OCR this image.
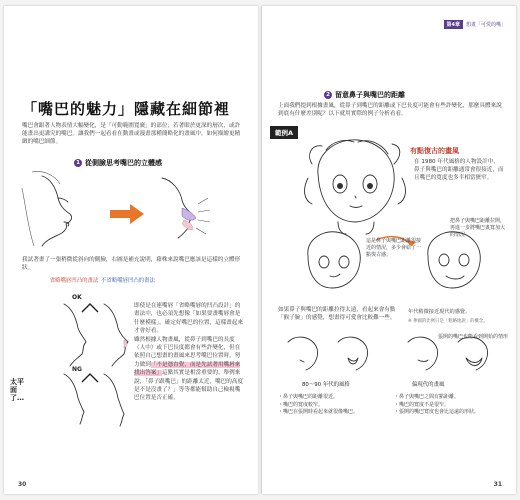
「嘴巴的魅力」隱藏在細節裡
嘴巴會跟著人物表情大幅變化，是「可動範圍寬廣」的部位；若著眼於更深的層次，或許能畫出更講究的嘴巴。讓我們一起看看在動畫或漫畫那種簡略化的畫風中，如何描繪更精緻的嘴巴細節。
1 從側臉思考嘴巴的立體感
我試著畫了一張稍微從斜向的側臉，右圖是補充說明，藉株來說嘴巴應該是這樣的立體形狀。
省略嘴唇凹凸的畫法 不省略嘴唇凹凸的畫法
OK
NG
太平面了…
即使是在連嘴唇「省略嘴唇的凹凸設計」的畫法中，也必須先想像「如果要畫嘴唇會是什麼模樣」，確定好嘴巴的位置，這樣畫起來才會好看。
雖然根據人物畫風，從鼻子到嘴巴的長度（人中）或下巴長度都會有些許變化，但在依照自己想畫的畫風來思考嘴巴位置時，努力做到「不是憑直覺，而是先試著用嘴唇來找出答案」這點其實是相當重要的。舉例來說，「鼻子跟嘴巴」的距離太近，嘴巴的高度是不是沒畫了？」等等都能幫助自己檢視嘴巴位置是否正確。
30
第4章	想畫「可愛的嘴」
2 留意鼻子與嘴巴的距離
上面我們提到根據畫風，從鼻子到嘴巴的距離或下巴長度可能會有些許變化，那麼具體來說到底有什麼差別呢？以下就用實際的例子分析看看。
範例A
有點復古的畫風
在 1980 年代風格的人物設計中，鼻子與嘴巴的距離通常會很接近，而且嘴巴的寬度也多半相當狹窄。
這是鼻子與嘴巴距離很接近的情況，多少會給了一點復古感。
把鼻子與嘴巴距離拉開，再進一步將嘴巴畫寬加大的情況
如果鼻子與嘴巴的距離拉得太遠，看起來會有點「猴子臉」的感覺，想畫得可愛會比較難一些。
年代稍微接近現代的感覺。
※ 參圖的比例只是「粗略地說」的概念。
張開的嘴巴也能看到開始的情形
80～90 年代的風格	偏現代的畫風
・鼻子與嘴巴的距離很近。
・嘴巴的寬度較窄。
・嘴巴在張開時看起來就很像嘴巴。
・鼻子與嘴巴之間有點距離。
・嘴巴的寬度不是很窄。
・張開的嘴巴寬度也會比這遠的形狀。
31
